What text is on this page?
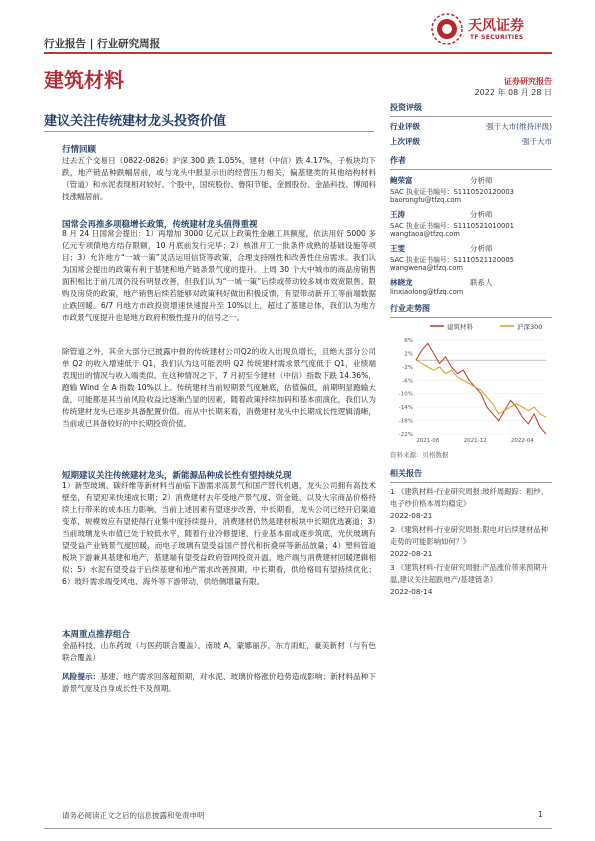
行业报告 | 行业研究周报
天风证券
TF SECURITIES
建筑材料	证券研究报告
2022 年 08 月 28 日
建议关注传统建材龙头投资价值
行情回顾
过去五个交易日（0822-0826）沪深 300 跌 1.05%，建材（中信）跌 4.17%，子板块均下跌，地产链品种跌幅居前，或与龙头中报显示出的经营压力相关，偏基建类的其他结构材料（管道）和水泥表现相对较好。个股中，国统股份、鲁阳节能、金圆股份、金晶科技、博闻科技涨幅居前。
国常会再推多项稳增长政策，传统建材龙头值得重视
8 月 24 日国常会提出：1）再增加 3000 亿元以上政策性金融工具额度，依法用好 5000 多亿元专项债地方结存限额，10 月底前发行完毕；2）核准开工一批条件成熟的基础设施等项目；3）允许地方“一城一策”灵活运用信贷等政策，合理支持刚性和改善性住房需求。我们认为国常会提出的政策有利于基建和地产链条景气度的提升。上周 30 个大中城市的商品房销售面积相比于前几周仍没有明显改善，但我们认为“一城一策”后续或带动较多城市效宽限售、限购及房贷的政策，地产销售后续若能够对政策利好做出积极反馈，有望带动新开工等前端数据止跌回暖。6/7 月地方市政投资增速快速提升至 10%以上，超过了基建总体，我们认为地方市政景气度提升也是地方政府积极性提升的信号之一。
除管道之外，其余大部分已披露中报的传统建材公司Q2的收入出现负增长，且绝大部分公司单 Q2 的收入增速低于 Q1，我们认为这可能表明 Q2 传统建材需求景气度低于 Q1，业绩端表现出的情况与收入端类似。在这种情况之下，7 月初至今建材（中信）指数下跌 14.36%，跑输 Wind 全 A 指数 10%以上。传统建材当前短期景气度触底，估值偏低，前期明显跑输大盘，可能都是其当前风险收益比逐渐凸显的因素，随着政策持续加码和基本面演化，我们认为传统建材龙头已逐步具备配置价值。而从中长期来看，消费建材龙头中长期成长性逻辑清晰，当前或已具备较好的中长期投资价值。
短期建议关注传统建材龙头，新能源品种成长性有望持续兑现
1）新型玻璃、碳纤维等新材料当前临下游需求高景气和国产替代机遇，龙头公司拥有高技术壁垒，有望迎来快速成长期；2）消费建材去年受地产景气度、资金链、以及大宗商品价格持续上行带来的成本压力影响，当前上述因素有望逐步改善，中长期看，龙头公司已经开启渠道变革，规模效应有望使得行业集中度持续提升，消费建材仍然是建材板块中长期优选赛道；3）当前玻璃龙头市值已处于较低水平，随着行业冷修提速，行业基本面或逐步筑底，光伏玻璃有望受益产业链景气度回暖，而电子玻璃有望受益国产替代和折叠屏等新品放量；4）塑料管道板块下游兼具基建和地产，基建端有望受益政府管网投资升温，地产端与消费建材回暖逻辑相似；5）水泥有望受益于后续基建和地产需求改善预期，中长期看，供给格局有望持续优化；6）玻纤需求端受风电、海外等下游带动，供给侧增量有限。
本周重点推荐组合
金晶科技，山东药玻（与医药联合覆盖），南玻 A，蒙娜丽莎，东方雨虹，豪美新材（与有色联合覆盖）
风险提示：基建、地产需求回落超预期，对水泥、玻璃价格涨价趋势造成影响；新材料品种下游景气度及自身成长性不及预期。
投资评级
行业评级	强于大市(维持评级)
上次评级	强于大市
作者
鲍荣富	分析师
SAC 执业证书编号：S1110520120003
baorongfu@tfzq.com
王涛	分析师
SAC 执业证书编号：S1110521010001
wangtaoa@tfzq.com
王雯	分析师
SAC 执业证书编号：S1110521120005
wangwena@tfzq.com
林晓龙	联系人
linxiaolong@tfzq.com
行业走势图
建筑材料	沪深300
6%
2%
-2%
-6%
-10%
-14%
-18%
-22%
2021-08	2021-12	2022-04
资料来源：贝格数据
相关报告
1 《建筑材料-行业研究周报:玻纤周跟踪：粗纱、电子纱价格本周均稳定》
2022-08-21
2 《建筑材料-行业研究周报:限电对后续建材品种走势的可能影响如何？》
2022-08-21
3 《建筑材料-行业研究周报:产品涨价带来预期升温,建议关注超跌地产/基建链条》
2022-08-14
请务必阅读正文之后的信息披露和免责申明	1
